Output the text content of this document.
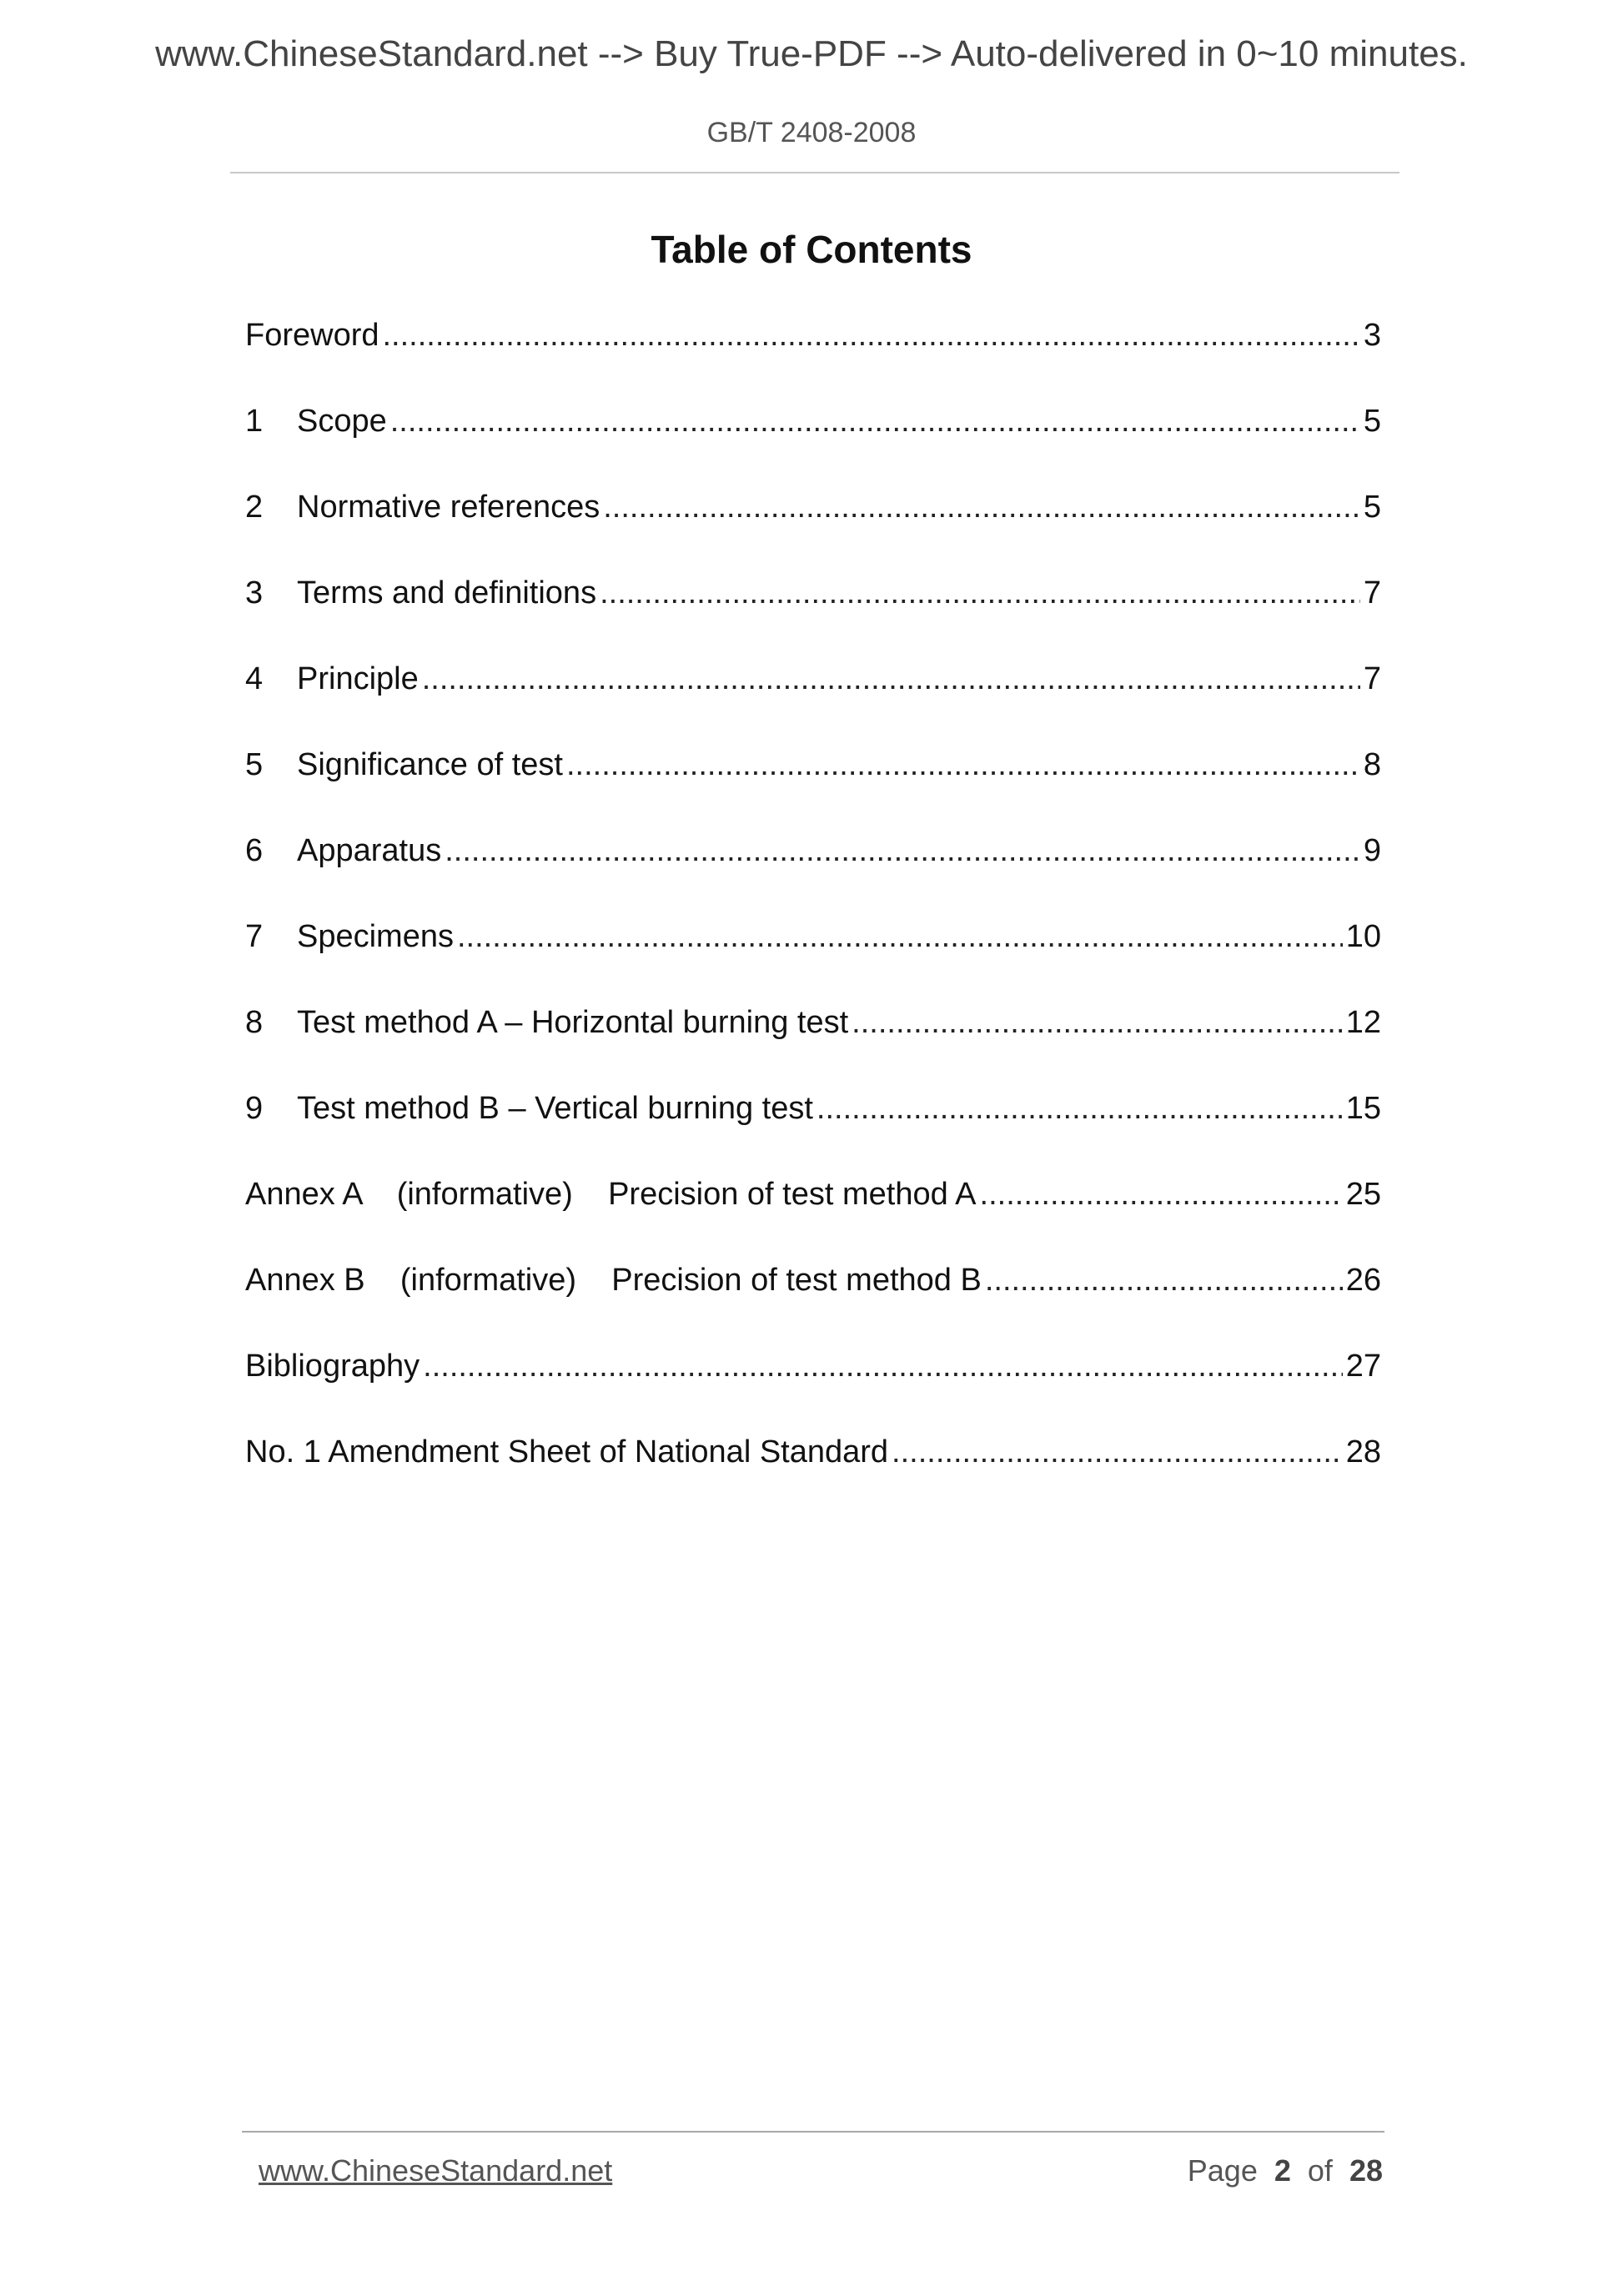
www.ChineseStandard.net --> Buy True-PDF --> Auto-delivered in 0~10 minutes.
GB/T 2408-2008
Table of Contents
Foreword .....	3
1	Scope .....	5
2	Normative references .....	5
3	Terms and definitions .....	7
4	Principle .....	7
5	Significance of test .....	8
6	Apparatus .....	9
7	Specimens .....	10
8	Test method A – Horizontal burning test .....	12
9	Test method B – Vertical burning test .....	15
Annex A    (informative)    Precision of test method A .....	25
Annex B    (informative)    Precision of test method B .....	26
Bibliography .....	27
No. 1 Amendment Sheet of National Standard .....	28
www.ChineseStandard.net	Page 2 of 28
